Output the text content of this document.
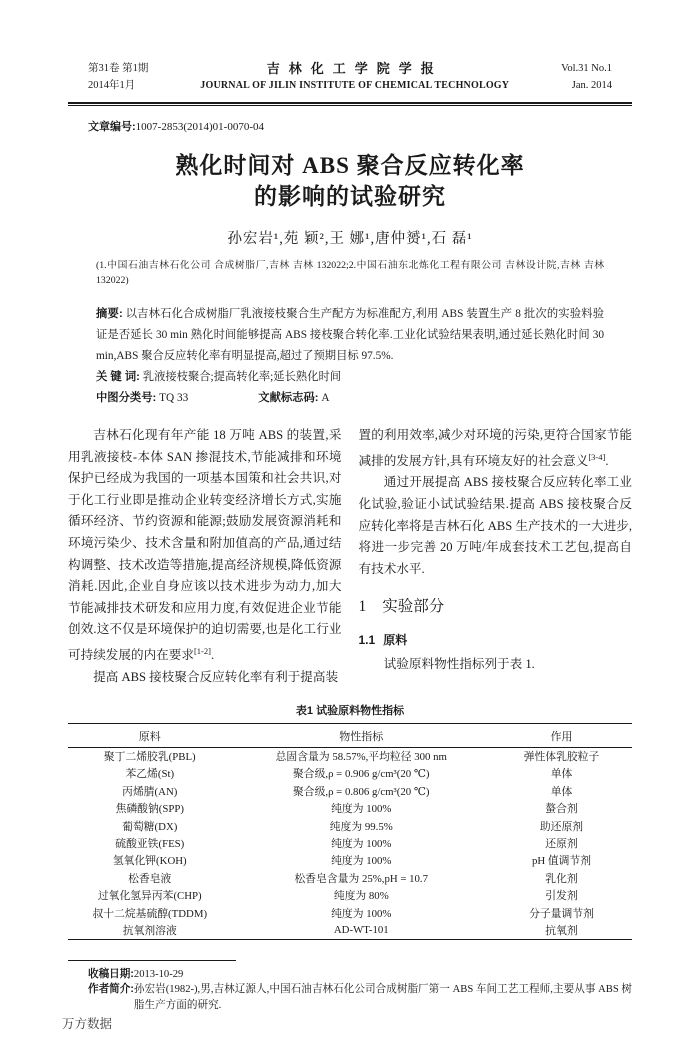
第31卷 第1期
2014年1月
吉林化工学院学报
JOURNAL OF JILIN INSTITUTE OF CHEMICAL TECHNOLOGY
Vol.31 No.1
Jan. 2014
文章编号:1007-2853(2014)01-0070-04
熟化时间对 ABS 聚合反应转化率
的影响的试验研究
孙宏岩¹,苑 颖²,王 娜¹,唐仲赟¹,石 磊¹
(1.中国石油吉林石化公司 合成树脂厂,吉林 吉林 132022;2.中国石油东北炼化工程有限公司 吉林设计院,吉林 吉林 132022)

摘要: 以吉林石化合成树脂厂乳液接枝聚合生产配方为标准配方,利用 ABS 装置生产 8 批次的实验料验证是否延长 30 min 熟化时间能够提高 ABS 接枝聚合转化率.工业化试验结果表明,通过延长熟化时间 30 min,ABS 聚合反应转化率有明显提高,超过了预期目标 97.5%.

关 键 词: 乳液接枝聚合;提高转化率;延长熟化时间

中图分类号: TQ 33	文献标志码: A

吉林石化现有年产能 18 万吨 ABS 的装置,采用乳液接枝-本体 SAN 掺混技术,节能减排和环境保护已经成为我国的一项基本国策和社会共识,对于化工行业即是推动企业转变经济增长方式,实施循环经济、节约资源和能源;鼓励发展资源消耗和环境污染少、技术含量和附加值高的产品,通过结构调整、技术改造等措施,提高经济规模,降低资源消耗.因此,企业自身应该以技术进步为动力,加大节能减排技术研发和应用力度,有效促进企业节能创效.这不仅是环境保护的迫切需要,也是化工行业可持续发展的内在要求[1-2].

提高 ABS 接枝聚合反应转化率有利于提高装

置的利用效率,减少对环境的污染,更符合国家节能减排的发展方针,具有环境友好的社会意义[3-4].

通过开展提高 ABS 接枝聚合反应转化率工业化试验,验证小试试验结果.提高 ABS 接枝聚合反应转化率将是吉林石化 ABS 生产技术的一大进步,将进一步完善 20 万吨/年成套技术工艺包,提高自有技术水平.

1 实验部分
1.1 原料

试验原料物性指标列于表 1.

表1 试验原料物性指标
原料	物性指标	作用
聚丁二烯胶乳(PBL)	总固含量为 58.57%,平均粒径 300 nm	弹性体乳胶粒子
苯乙烯(St)	聚合级,ρ = 0.906 g/cm³(20 ℃)	单体
丙烯腈(AN)	聚合级,ρ = 0.806 g/cm³(20 ℃)	单体
焦磷酸钠(SPP)	纯度为 100%	螯合剂
葡萄糖(DX)	纯度为 99.5%	助还原剂
硫酸亚铁(FES)	纯度为 100%	还原剂
氢氧化钾(KOH)	纯度为 100%	pH 值调节剂
松香皂液	松香皂含量为 25%,pH = 10.7	乳化剂
过氧化氢异丙苯(CHP)	纯度为 80%	引发剂
叔十二烷基硫醇(TDDM)	纯度为 100%	分子量调节剂
抗氧剂溶液	AD-WT-101	抗氧剂
收稿日期: 2013-10-29
作者简介: 孙宏岩(1982-),男,吉林辽源人,中国石油吉林石化公司合成树脂厂第一 ABS 车间工艺工程师,主要从事 ABS 树脂生产方面的研究.
万方数据
